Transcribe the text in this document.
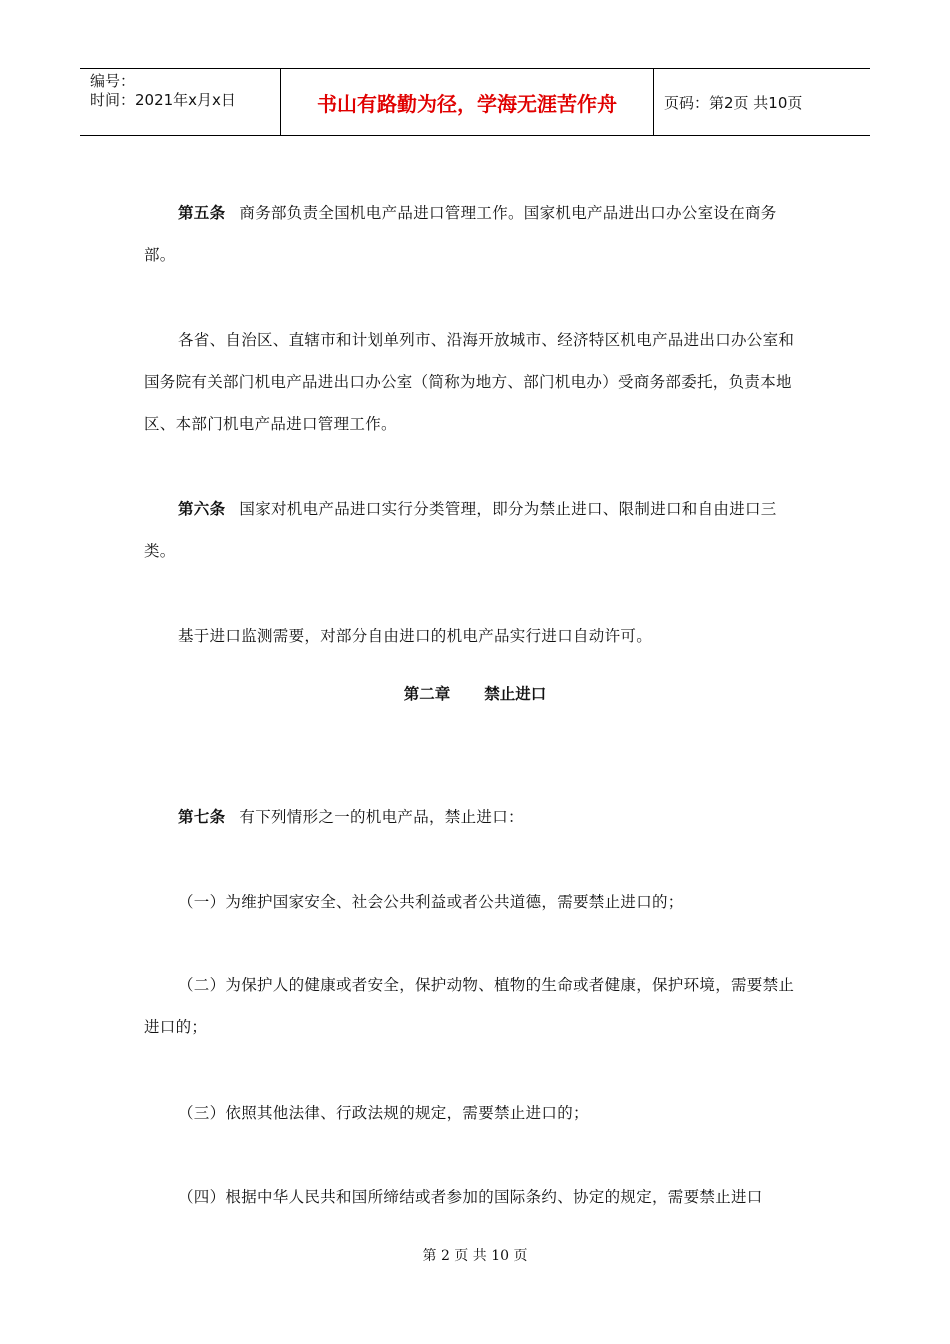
编号：
时间：2021年x月x日	书山有路勤为径，学海无涯苦作舟	页码：第2页 共10页

第五条 商务部负责全国机电产品进口管理工作。国家机电产品进出口办公室设在商务部。

各省、自治区、直辖市和计划单列市、沿海开放城市、经济特区机电产品进出口办公室和国务院有关部门机电产品进出口办公室（简称为地方、部门机电办）受商务部委托，负责本地区、本部门机电产品进口管理工作。

第六条 国家对机电产品进口实行分类管理，即分为禁止进口、限制进口和自由进口三类。

基于进口监测需要，对部分自由进口的机电产品实行进口自动许可。

第二章 禁止进口

第七条 有下列情形之一的机电产品，禁止进口：

（一）为维护国家安全、社会公共利益或者公共道德，需要禁止进口的；

（二）为保护人的健康或者安全，保护动物、植物的生命或者健康，保护环境，需要禁止进口的；

（三）依照其他法律、行政法规的规定，需要禁止进口的；

（四）根据中华人民共和国所缔结或者参加的国际条约、协定的规定，需要禁止进口

第 2 页 共 10 页
